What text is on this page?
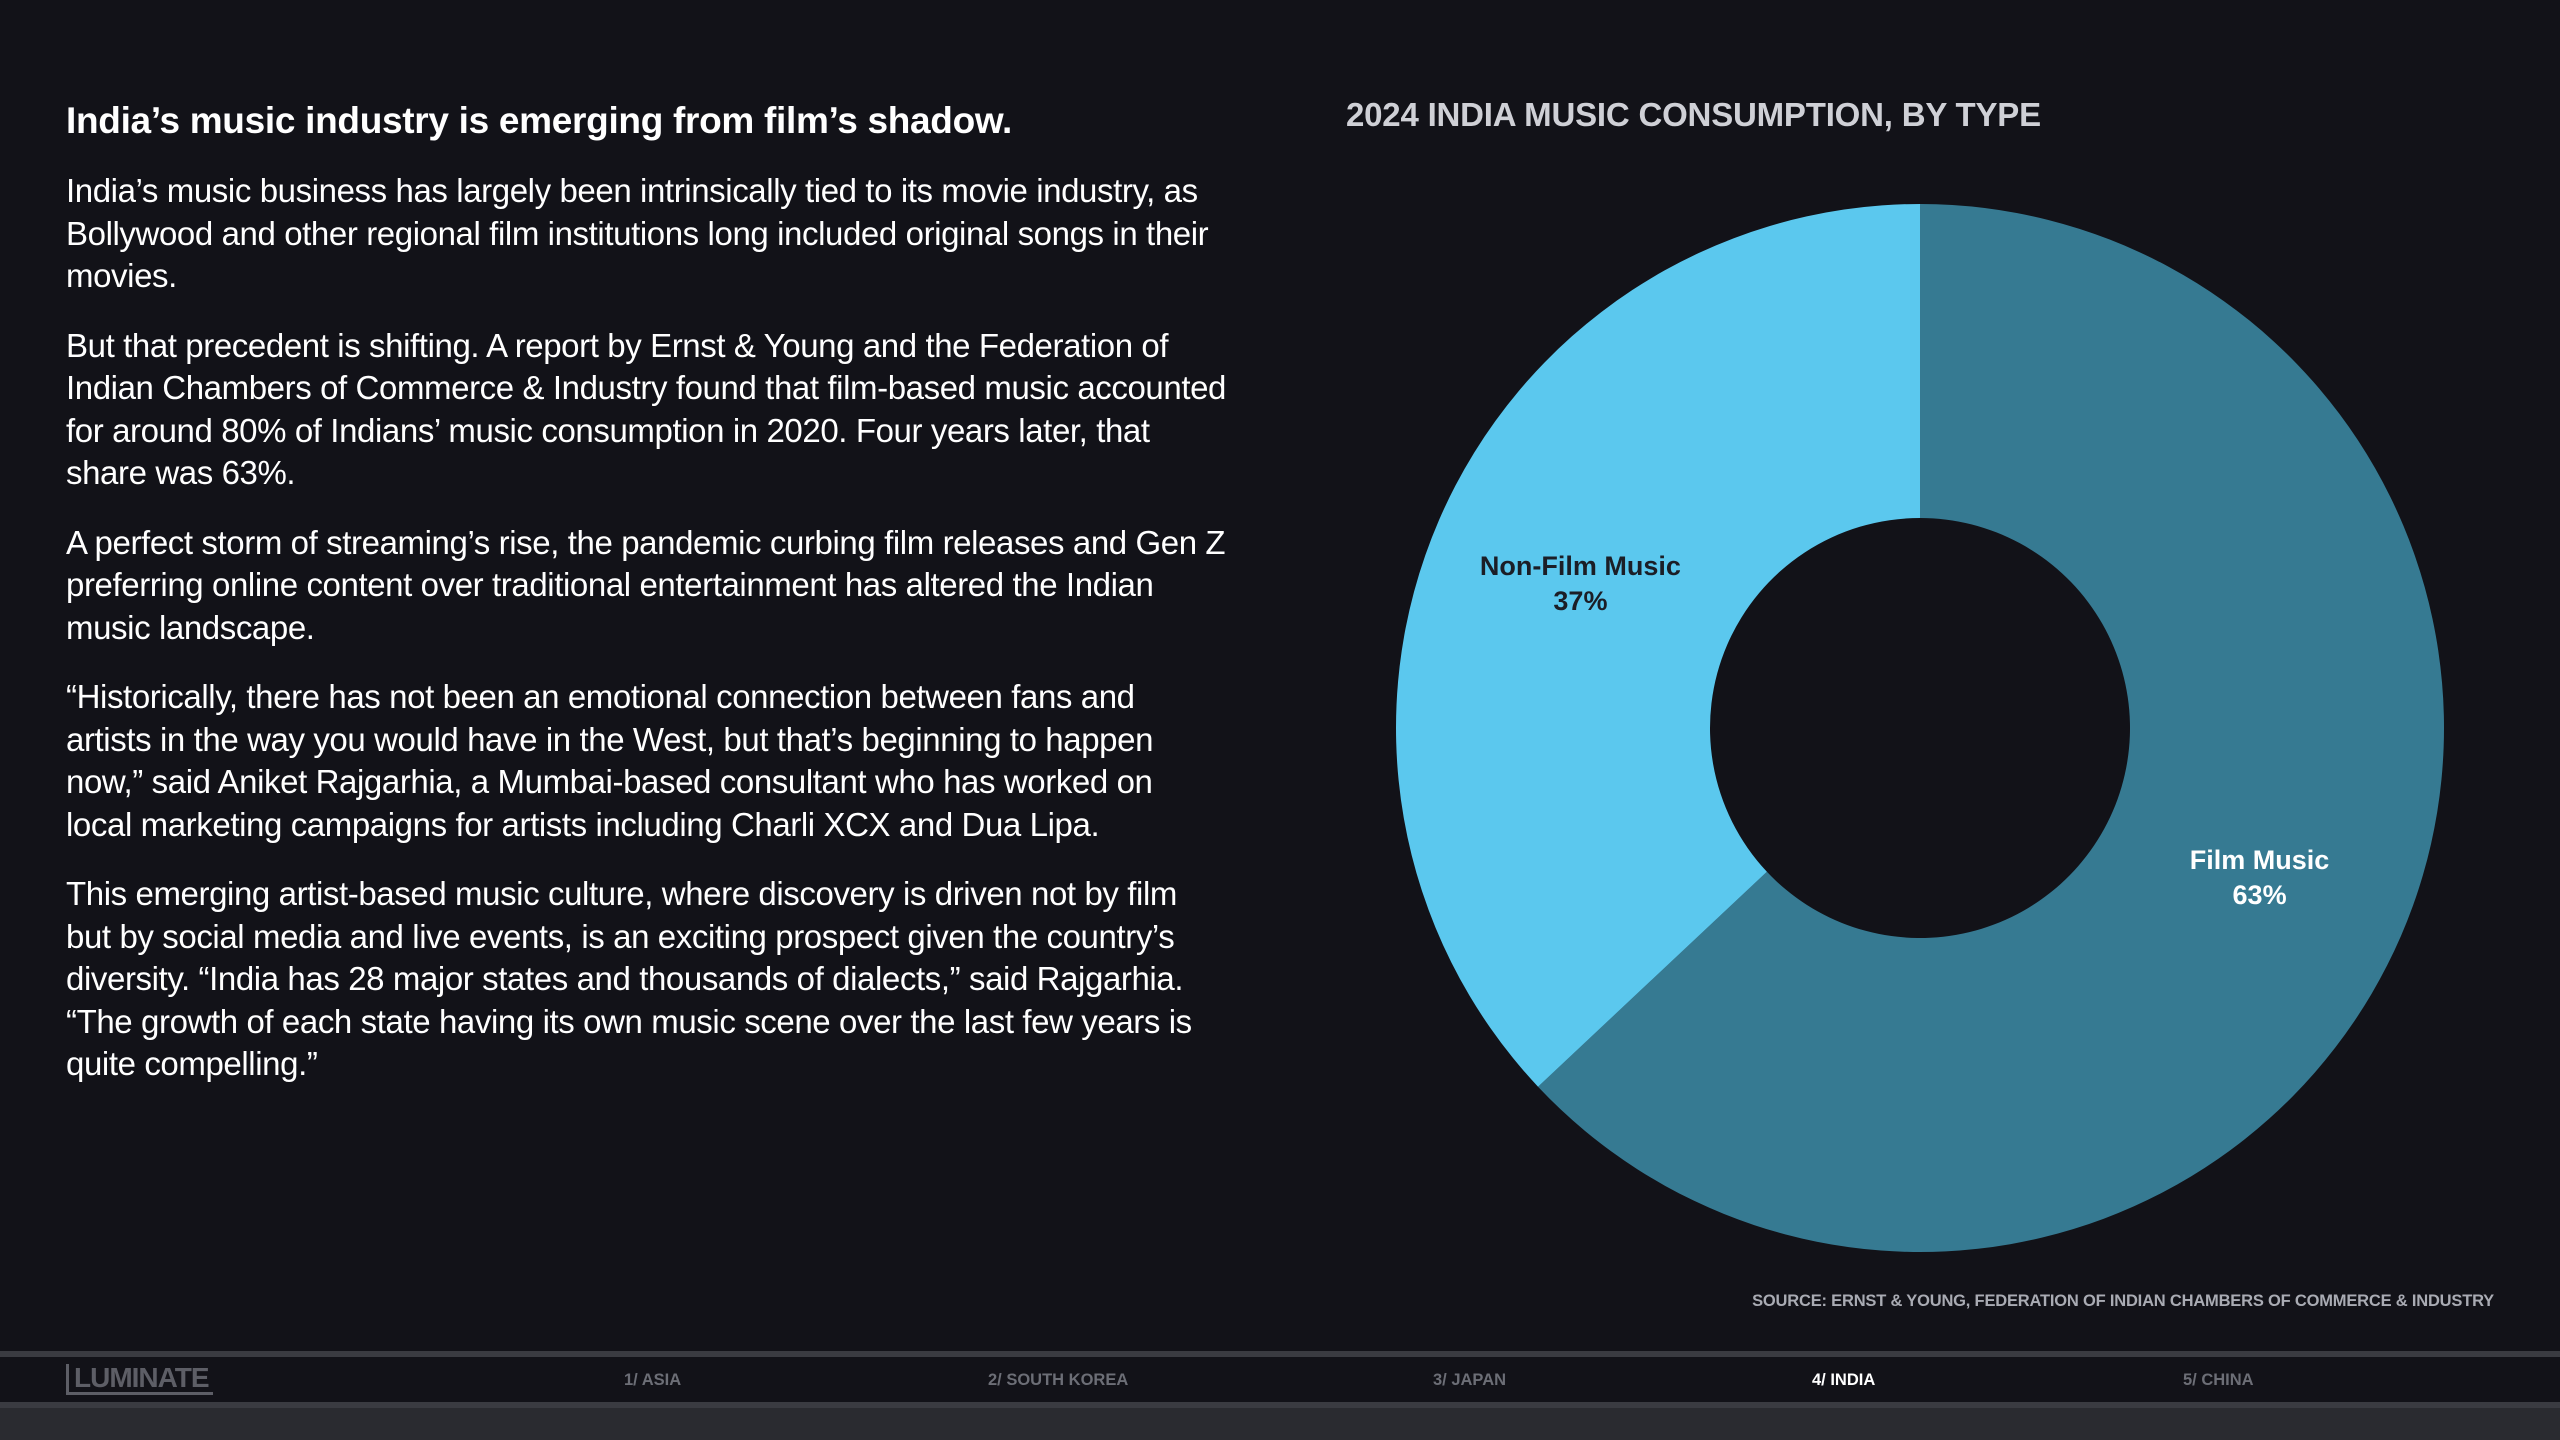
India’s music industry is emerging from film’s shadow.

India’s music business has largely been intrinsically tied to its movie industry, as Bollywood and other regional film institutions long included original songs in their movies.

But that precedent is shifting. A report by Ernst & Young and the Federation of Indian Chambers of Commerce & Industry found that film-based music accounted for around 80% of Indians’ music consumption in 2020. Four years later, that share was 63%.

A perfect storm of streaming’s rise, the pandemic curbing film releases and Gen Z preferring online content over traditional entertainment has altered the Indian music landscape.

“Historically, there has not been an emotional connection between fans and artists in the way you would have in the West, but that’s beginning to happen now,” said Aniket Rajgarhia, a Mumbai-based consultant who has worked on local marketing campaigns for artists including Charli XCX and Dua Lipa.

This emerging artist-based music culture, where discovery is driven not by film but by social media and live events, is an exciting prospect given the country’s diversity. “India has 28 major states and thousands of dialects,” said Rajgarhia. “The growth of each state having its own music scene over the last few years is quite compelling.”

2024 INDIA MUSIC CONSUMPTION, BY TYPE
Film Music
63%
Non-Film Music
37%
SOURCE: ERNST & YOUNG, FEDERATION OF INDIAN CHAMBERS OF COMMERCE & INDUSTRY
LUMINATE	1/ ASIA	2/ SOUTH KOREA	3/ JAPAN	4/ INDIA	5/ CHINA
